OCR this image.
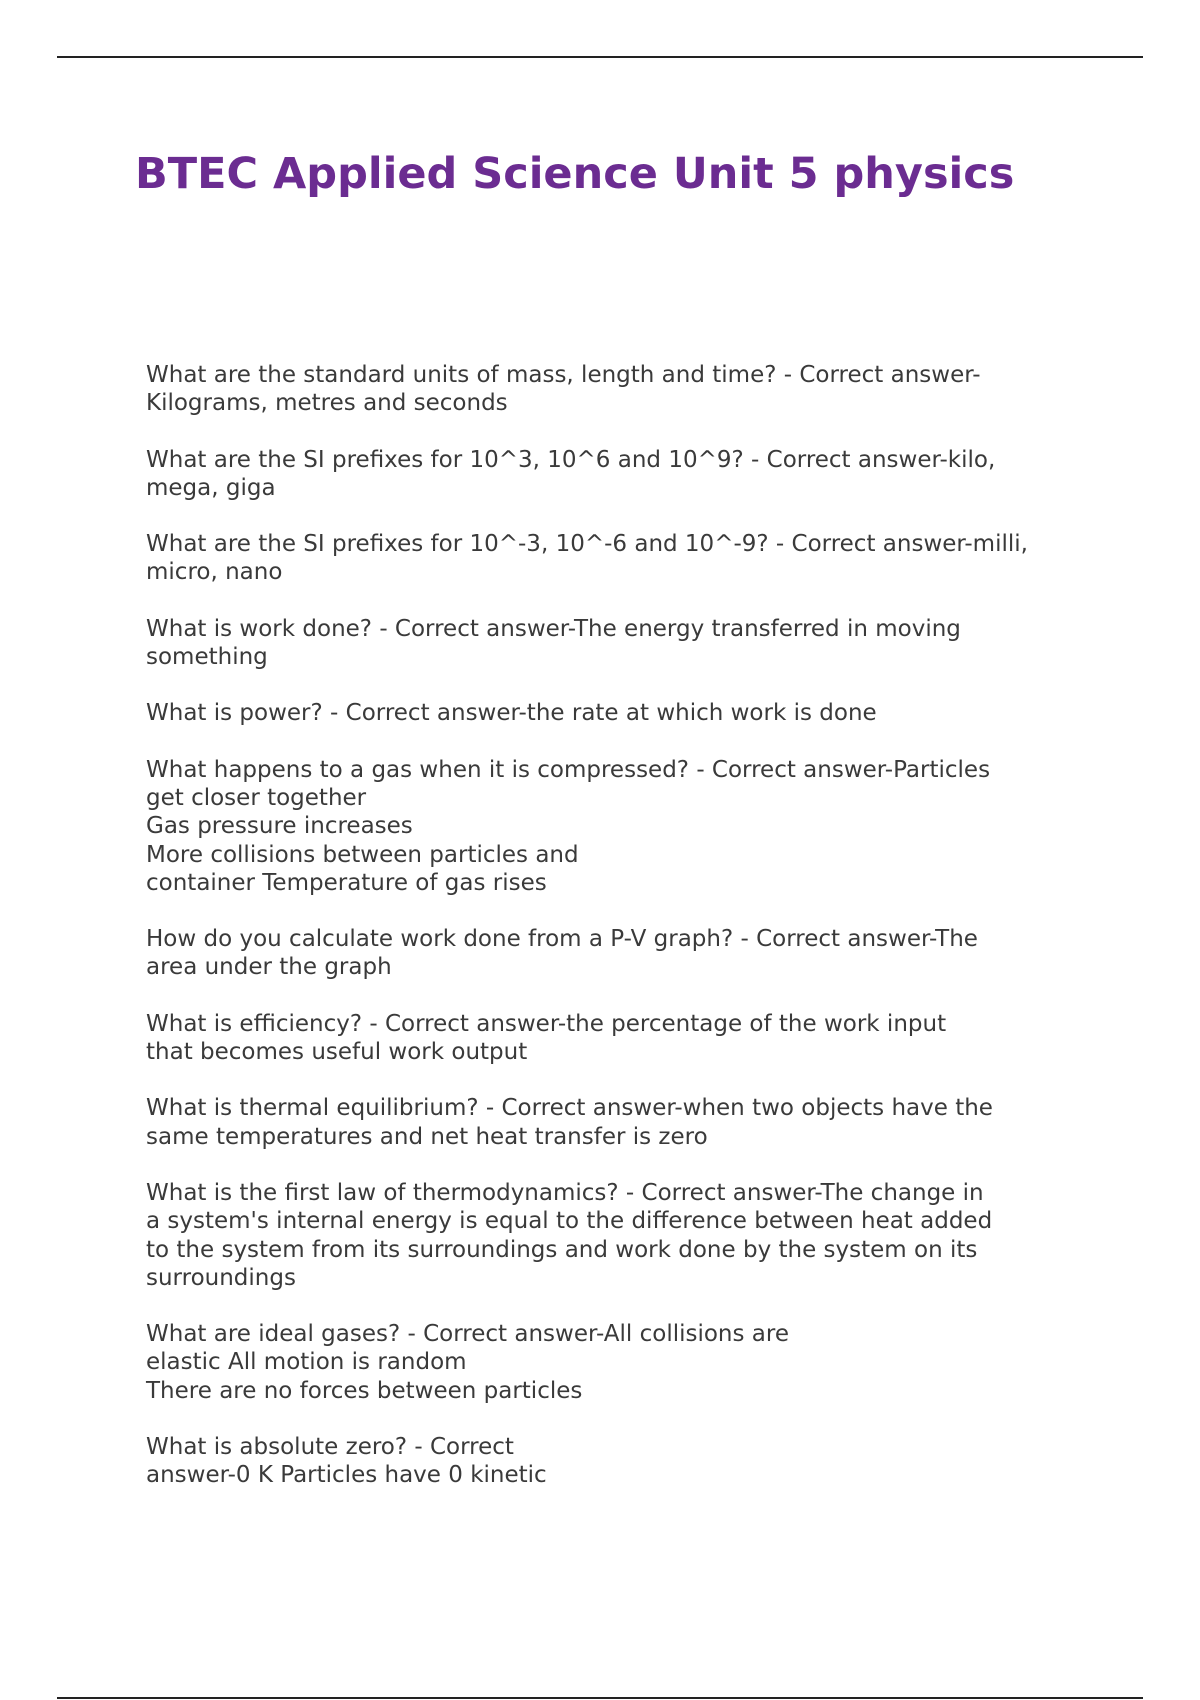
BTEC Applied Science Unit 5 physics

What are the standard units of mass, length and time? - Correct answer-
Kilograms, metres and seconds

What are the SI prefixes for 10^3, 10^6 and 10^9? - Correct answer-kilo,
mega, giga

What are the SI prefixes for 10^-3, 10^-6 and 10^-9? - Correct answer-milli,
micro, nano

What is work done? - Correct answer-The energy transferred in moving
something

What is power? - Correct answer-the rate at which work is done

What happens to a gas when it is compressed? - Correct answer-Particles
get closer together
Gas pressure increases
More collisions between particles and
container Temperature of gas rises

How do you calculate work done from a P-V graph? - Correct answer-The
area under the graph

What is efficiency? - Correct answer-the percentage of the work input
that becomes useful work output

What is thermal equilibrium? - Correct answer-when two objects have the
same temperatures and net heat transfer is zero

What is the first law of thermodynamics? - Correct answer-The change in
a system's internal energy is equal to the difference between heat added
to the system from its surroundings and work done by the system on its
surroundings

What are ideal gases? - Correct answer-All collisions are
elastic All motion is random
There are no forces between particles

What is absolute zero? - Correct
answer-0 K Particles have 0 kinetic
